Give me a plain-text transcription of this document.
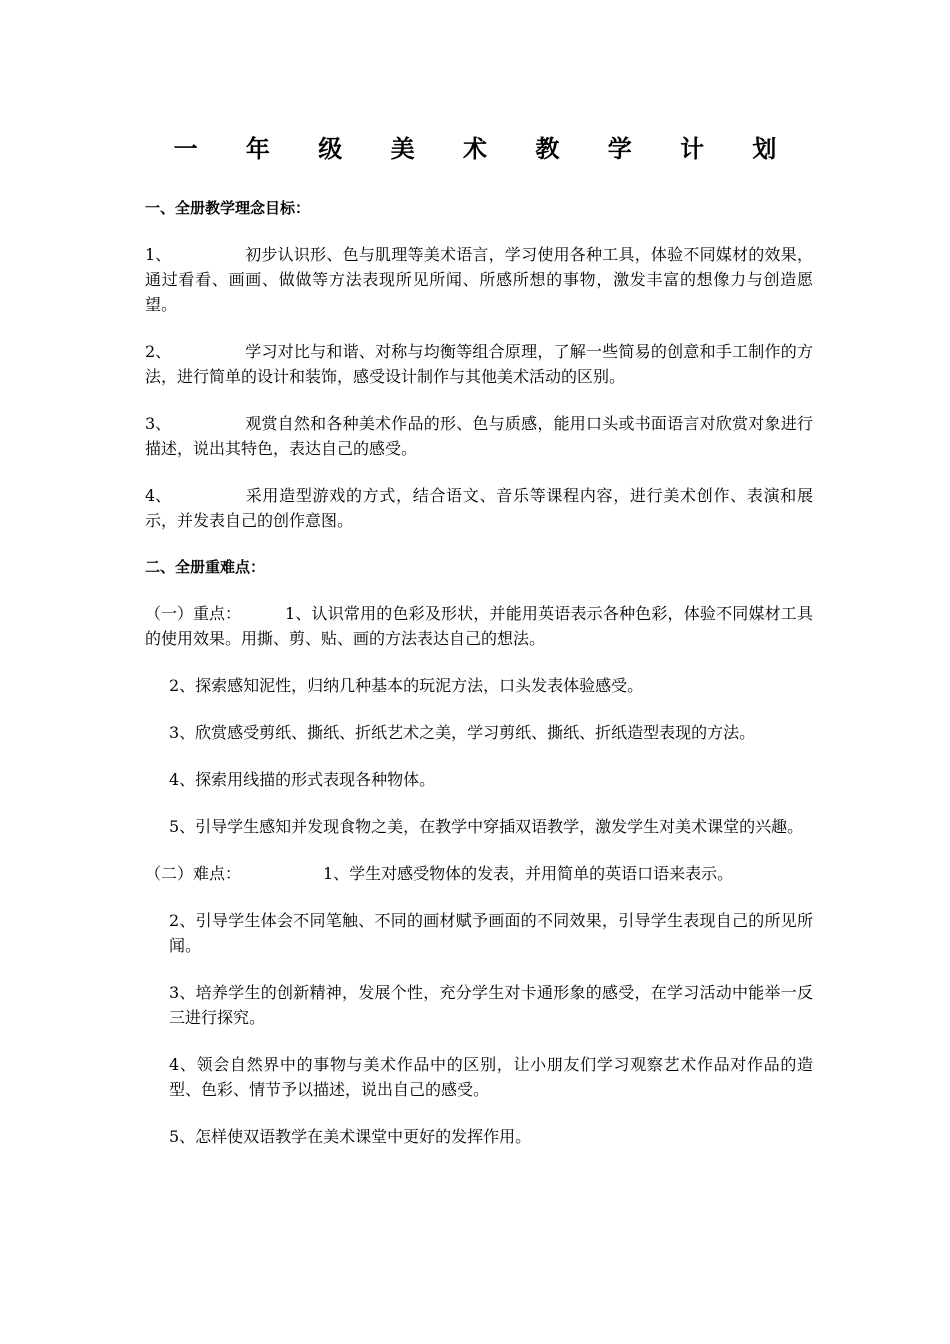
一 年 级 美 术 教 学 计 划
一、全册教学理念目标：
1、	初步认识形、色与肌理等美术语言，学习使用各种工具，体验不同媒材的效果，通过看看、画画、做做等方法表现所见所闻、所感所想的事物，激发丰富的想像力与创造愿望。
2、	学习对比与和谐、对称与均衡等组合原理，了解一些简易的创意和手工制作的方法，进行简单的设计和装饰，感受设计制作与其他美术活动的区别。
3、	观赏自然和各种美术作品的形、色与质感，能用口头或书面语言对欣赏对象进行描述，说出其特色，表达自己的感受。
4、	采用造型游戏的方式，结合语文、音乐等课程内容，进行美术创作、表演和展示，并发表自己的创作意图。
二、全册重难点：
（一）重点：	1、认识常用的色彩及形状，并能用英语表示各种色彩，体验不同媒材工具的使用效果。用撕、剪、贴、画的方法表达自己的想法。
2、探索感知泥性，归纳几种基本的玩泥方法，口头发表体验感受。
3、欣赏感受剪纸、撕纸、折纸艺术之美，学习剪纸、撕纸、折纸造型表现的方法。
4、探索用线描的形式表现各种物体。
5、引导学生感知并发现食物之美，在教学中穿插双语教学，激发学生对美术课堂的兴趣。
（二）难点：	1、学生对感受物体的发表，并用简单的英语口语来表示。
2、引导学生体会不同笔触、不同的画材赋予画面的不同效果，引导学生表现自己的所见所闻。
3、培养学生的创新精神，发展个性，充分学生对卡通形象的感受，在学习活动中能举一反三进行探究。
4、领会自然界中的事物与美术作品中的区别，让小朋友们学习观察艺术作品对作品的造型、色彩、情节予以描述，说出自己的感受。
5、怎样使双语教学在美术课堂中更好的发挥作用。
